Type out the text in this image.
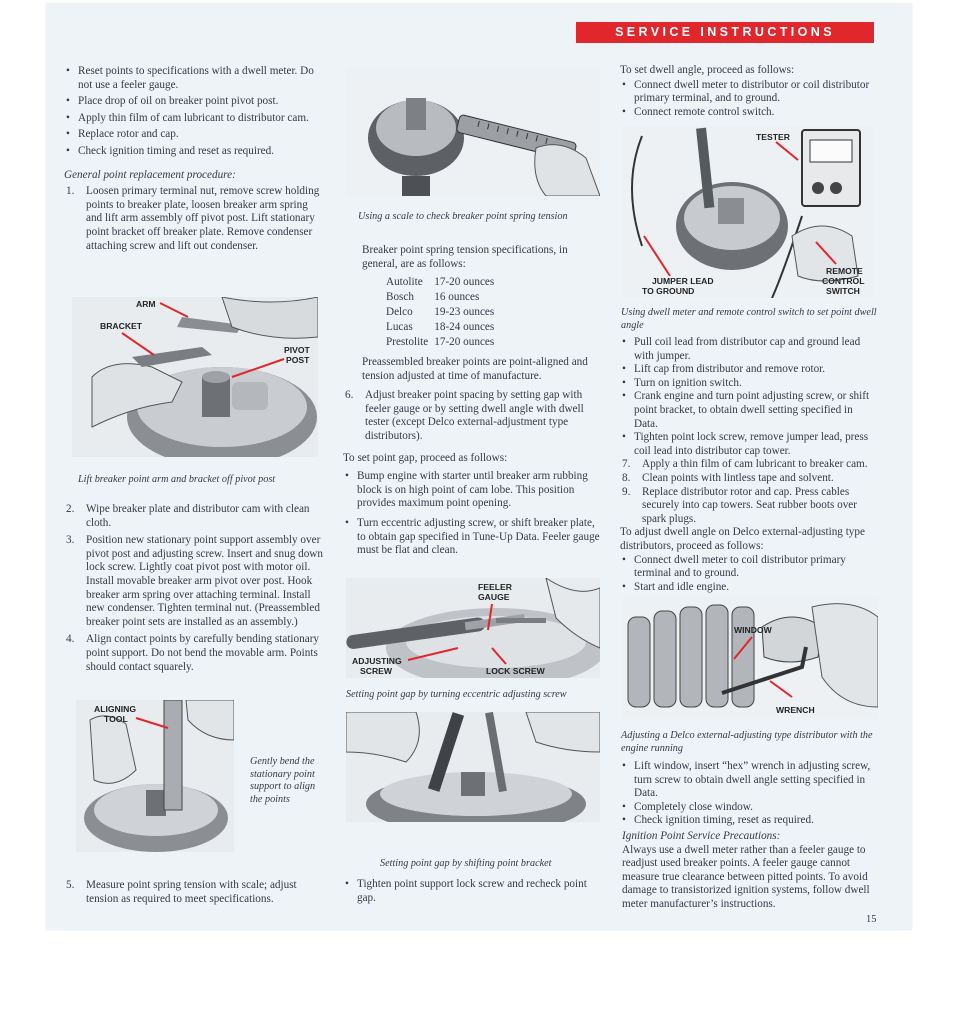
SERVICE INSTRUCTIONS
• Reset points to specifications with a dwell meter. Do not use a feeler gauge.
• Place drop of oil on breaker point pivot post.
• Apply thin film of cam lubricant to distributor cam.
• Replace rotor and cap.
• Check ignition timing and reset as required.

General point replacement procedure:

1. Loosen primary terminal nut, remove screw holding points to breaker plate, loosen breaker arm spring and lift arm assembly off pivot post. Lift stationary point bracket off breaker plate. Remove condenser attaching screw and lift out condenser.
ARM
BRACKET
PIVOT
POST
Lift breaker point arm and bracket off pivot post
2. Wipe breaker plate and distributor cam with clean cloth.
3. Position new stationary point support assembly over pivot post and adjusting screw. Insert and snug down lock screw. Lightly coat pivot post with motor oil. Install movable breaker arm pivot over post. Hook breaker arm spring over attaching terminal. Install new condenser. Tighten terminal nut. (Preassembled breaker point sets are installed as an assembly.)
4. Align contact points by carefully bending stationary point support. Do not bend the movable arm. Points should contact squarely.
ALIGNING
TOOL
Gently bend the stationary point support to align the points
5. Measure point spring tension with scale; adjust tension as required to meet specifications.
Using a scale to check breaker point spring tension
Breaker point spring tension specifications, in general, are as follows:
Autolite	17-20 ounces
Bosch	16 ounces
Delco	19-23 ounces
Lucas	18-24 ounces
Prestolite	17-20 ounces

Preassembled breaker points are point-aligned and tension adjusted at time of manufacture.

6. Adjust breaker point spacing by setting gap with feeler gauge or by setting dwell angle with dwell tester (except Delco external-adjustment type distributors).

To set point gap, proceed as follows:

• Bump engine with starter until breaker arm rubbing block is on high point of cam lobe. This position provides maximum point opening.
• Turn eccentric adjusting screw, or shift breaker plate, to obtain gap specified in Tune-Up Data. Feeler gauge must be flat and clean.
FEELER
GAUGE
ADJUSTING
SCREW	LOCK SCREW
Setting point gap by turning eccentric adjusting screw
Setting point gap by shifting point bracket
• Tighten point support lock screw and recheck point gap.

To set dwell angle, proceed as follows:

• Connect dwell meter to distributor or coil distributor primary terminal, and to ground.
• Connect remote control switch.
TESTER
JUMPER LEAD
TO GROUND
REMOTE
CONTROL
SWITCH
Using dwell meter and remote control switch to set point dwell angle
• Pull coil lead from distributor cap and ground lead with jumper.
• Lift cap from distributor and remove rotor.
• Turn on ignition switch.
• Crank engine and turn point adjusting screw, or shift point bracket, to obtain dwell setting specified in Data.
• Tighten point lock screw, remove jumper lead, press coil lead into distributor cap tower.
7. Apply a thin film of cam lubricant to breaker cam.
8. Clean points with lintless tape and solvent.
9. Replace distributor rotor and cap. Press cables securely into cap towers. Seat rubber boots over spark plugs.

To adjust dwell angle on Delco external-adjusting type distributors, proceed as follows:

• Connect dwell meter to coil distributor primary terminal and to ground.
• Start and idle engine.
WINDOW
WRENCH
Adjusting a Delco external-adjusting type distributor with the engine running
• Lift window, insert “hex” wrench in adjusting screw, turn screw to obtain dwell angle setting specified in Data.
• Completely close window.
• Check ignition timing, reset as required.

Ignition Point Service Precautions:

Always use a dwell meter rather than a feeler gauge to readjust used breaker points. A feeler gauge cannot measure true clearance between pitted points. To avoid damage to transistorized ignition systems, follow dwell meter manufacturer’s instructions.

15
